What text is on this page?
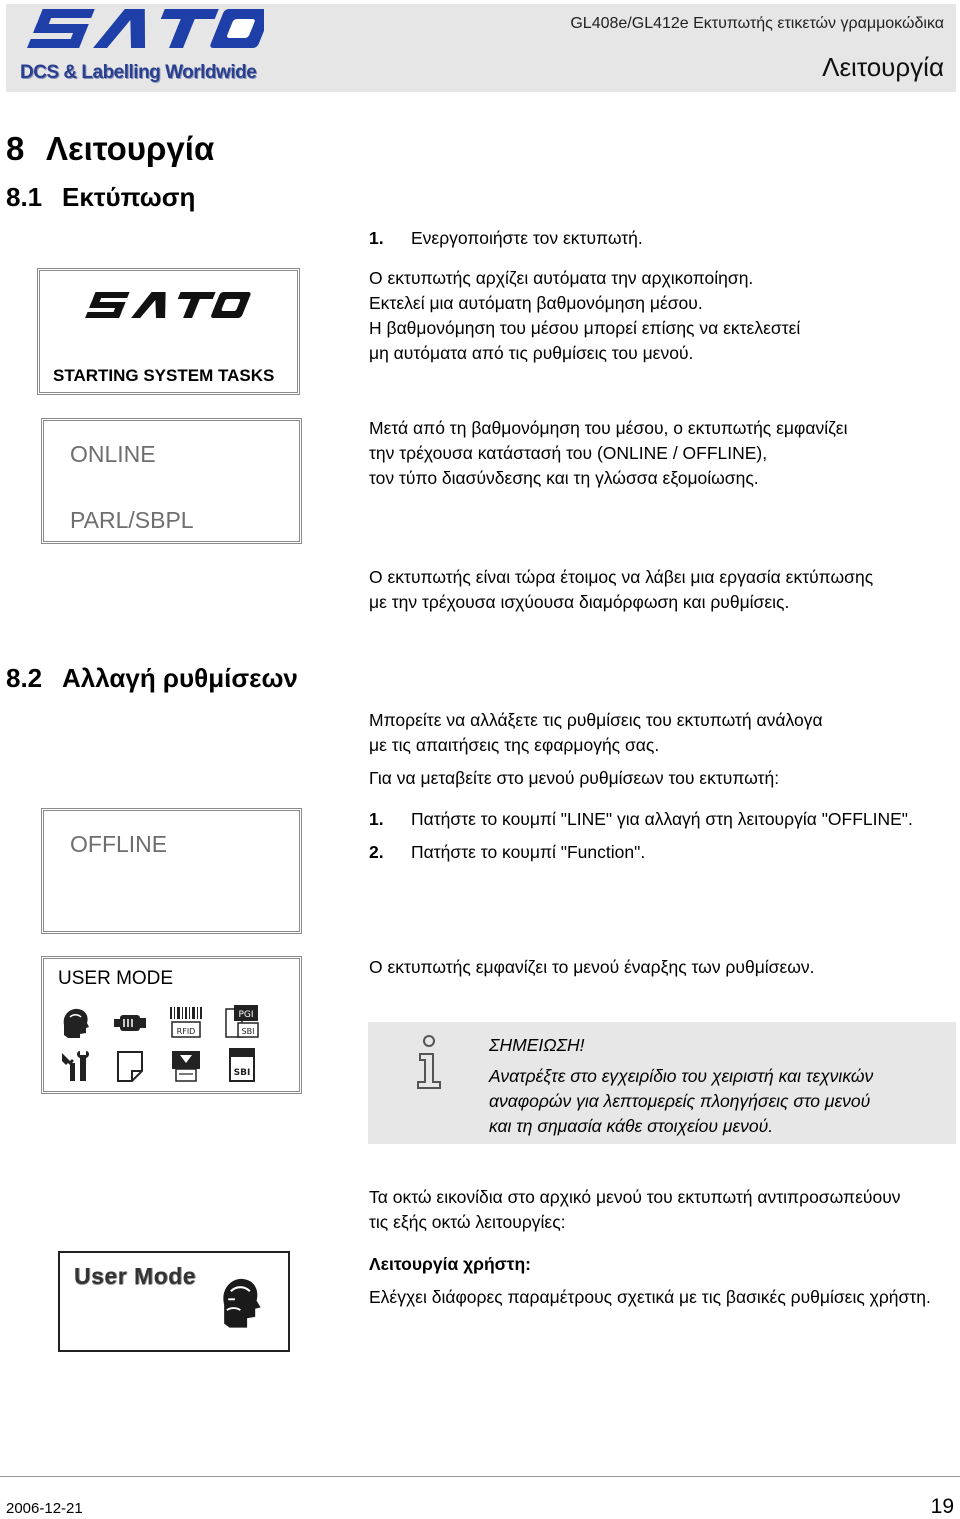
DCS & Labelling Worldwide
GL408e/GL412e Εκτυπωτής ετικετών γραμμοκώδικα
Λειτουργία
8 Λειτουργία
8.1 Εκτύπωση
1. Ενεργοποιήστε τον εκτυπωτή.
Ο εκτυπωτής αρχίζει αυτόματα την αρχικοποίηση.
Εκτελεί μια αυτόματη βαθμονόμηση μέσου.
Η βαθμονόμηση του μέσου μπορεί επίσης να εκτελεστεί
μη αυτόματα από τις ρυθμίσεις του μενού.
Μετά από τη βαθμονόμηση του μέσου, ο εκτυπωτής εμφανίζει
την τρέχουσα κατάστασή του (ONLINE / OFFLINE),
τον τύπο διασύνδεσης και τη γλώσσα εξομοίωσης.
Ο εκτυπωτής είναι τώρα έτοιμος να λάβει μια εργασία εκτύπωσης
με την τρέχουσα ισχύουσα διαμόρφωση και ρυθμίσεις.
STARTING SYSTEM TASKS
ONLINE
PARL/SBPL
8.2 Αλλαγή ρυθμίσεων
Μπορείτε να αλλάξετε τις ρυθμίσεις του εκτυπωτή ανάλογα
με τις απαιτήσεις της εφαρμογής σας.
Για να μεταβείτε στο μενού ρυθμίσεων του εκτυπωτή:
1. Πατήστε το κουμπί "LINE" για αλλαγή στη λειτουργία "OFFLINE".
2. Πατήστε το κουμπί "Function".
OFFLINE
Ο εκτυπωτής εμφανίζει το μενού έναρξης των ρυθμίσεων.
USER MODE
RFID
PGI
SBI
SBI
ΣΗΜΕΙΩΣΗ!
Ανατρέξτε στο εγχειρίδιο του χειριστή και τεχνικών
αναφορών για λεπτομερείς πλοηγήσεις στο μενού
και τη σημασία κάθε στοιχείου μενού.
Τα οκτώ εικονίδια στο αρχικό μενού του εκτυπωτή αντιπροσωπεύουν
τις εξής οκτώ λειτουργίες:
Λειτουργία χρήστη:
Ελέγχει διάφορες παραμέτρους σχετικά με τις βασικές ρυθμίσεις χρήστη.
User Mode
2006-12-21	19
